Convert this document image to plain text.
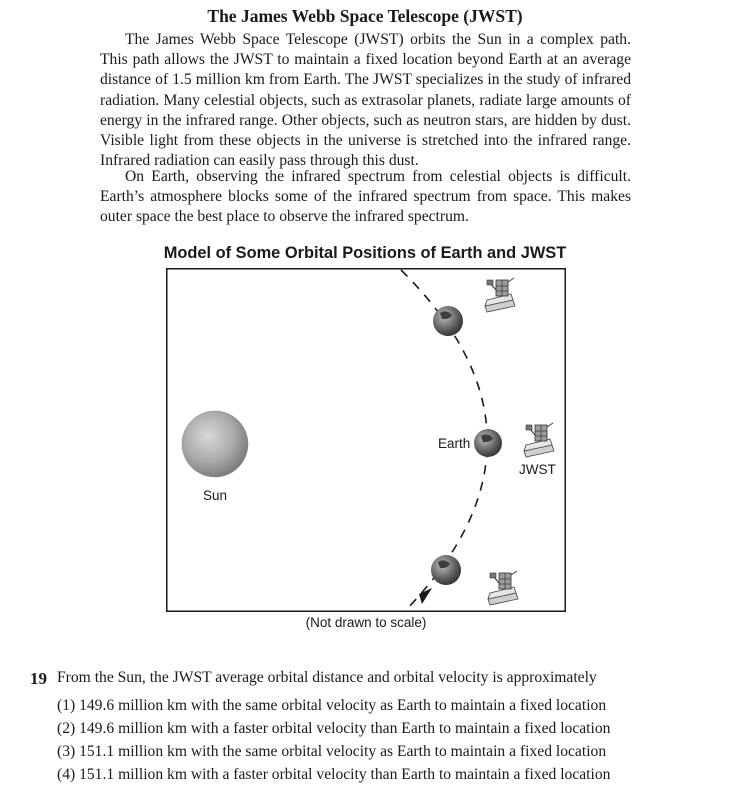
The James Webb Space Telescope (JWST)

The James Webb Space Telescope (JWST) orbits the Sun in a complex path. This path allows the JWST to maintain a fixed location beyond Earth at an average distance of 1.5 million km from Earth. The JWST specializes in the study of infrared radiation. Many celestial objects, such as extrasolar planets, radiate large amounts of energy in the infrared range. Other objects, such as neutron stars, are hidden by dust. Visible light from these objects in the universe is stretched into the infrared range. Infrared radiation can easily pass through this dust.

On Earth, observing the infrared spectrum from celestial objects is difficult. Earth’s atmosphere blocks some of the infrared spectrum from space. This makes outer space the best place to observe the infrared spectrum.

Model of Some Orbital Positions of Earth and JWST
Sun
Earth
JWST
(Not drawn to scale)
19 From the Sun, the JWST average orbital distance and orbital velocity is approximately
(1) 149.6 million km with the same orbital velocity as Earth to maintain a fixed location
(2) 149.6 million km with a faster orbital velocity than Earth to maintain a fixed location
(3) 151.1 million km with the same orbital velocity as Earth to maintain a fixed location
(4) 151.1 million km with a faster orbital velocity than Earth to maintain a fixed location
